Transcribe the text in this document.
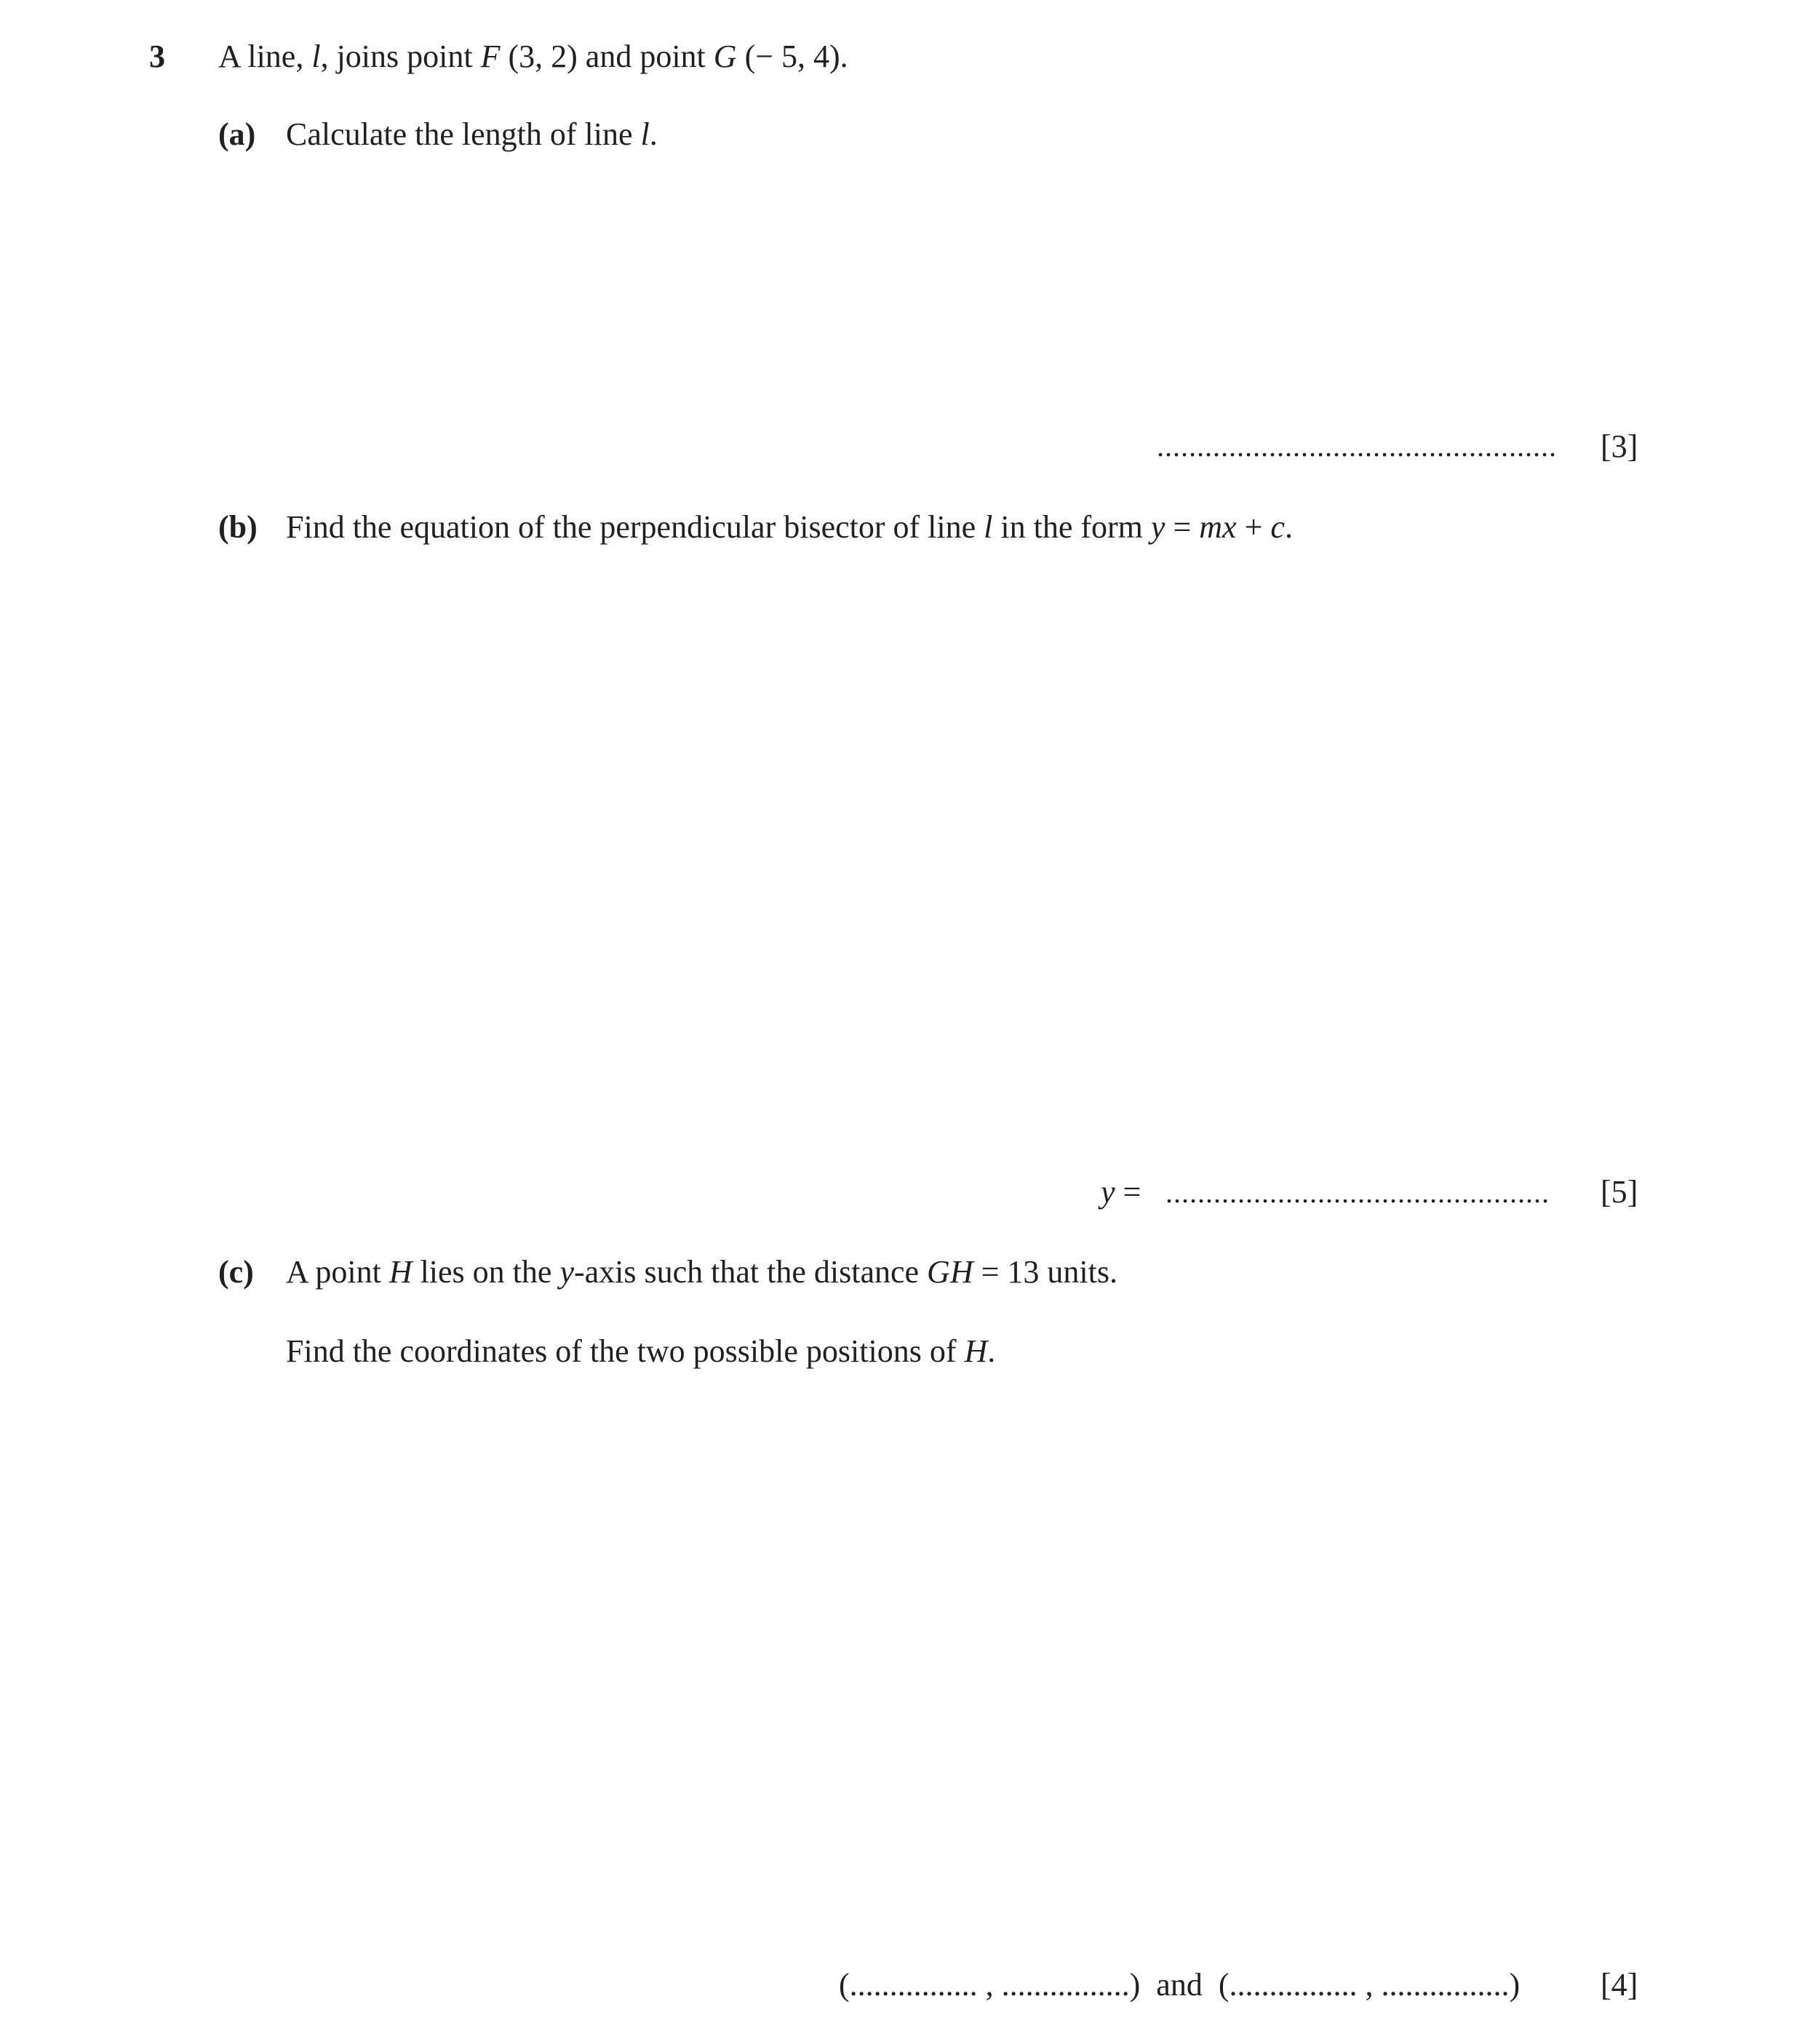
3 A line, l, joins point F (3, 2) and point G (− 5, 4).
(a) Calculate the length of line l.
.................................................. [3]
(b) Find the equation of the perpendicular bisector of line l in the form y = mx + c.
y = ................................................ [5]
(c) A point H lies on the y-axis such that the distance GH = 13 units.
Find the coordinates of the two possible positions of H.
(................ , ................)  and  (................ , ................)	[4]
